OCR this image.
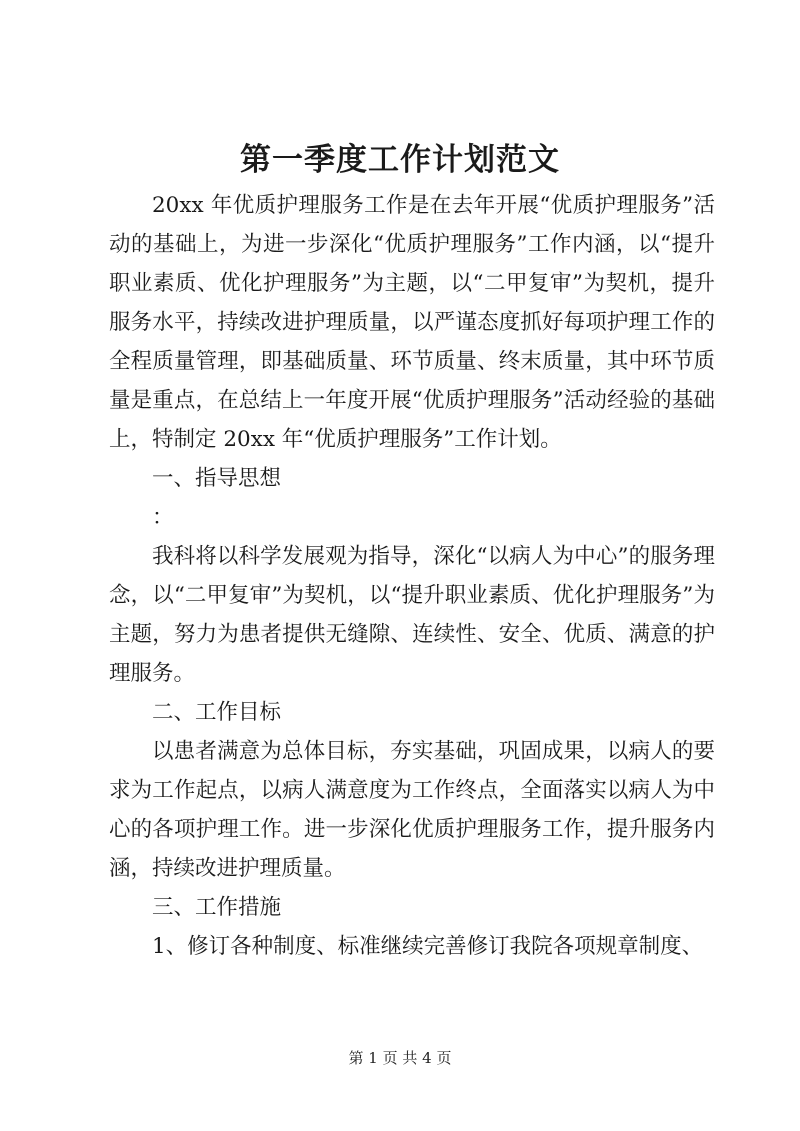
第一季度工作计划范文

20xx 年优质护理服务工作是在去年开展“优质护理服务”活动的基础上，为进一步深化“优质护理服务”工作内涵，以“提升职业素质、优化护理服务”为主题，以“二甲复审”为契机，提升服务水平，持续改进护理质量，以严谨态度抓好每项护理工作的全程质量管理，即基础质量、环节质量、终末质量，其中环节质量是重点，在总结上一年度开展“优质护理服务”活动经验的基础上，特制定 20xx 年“优质护理服务”工作计划。

一、指导思想

：

我科将以科学发展观为指导，深化“以病人为中心”的服务理念，以“二甲复审”为契机，以“提升职业素质、优化护理服务”为主题，努力为患者提供无缝隙、连续性、安全、优质、满意的护理服务。

二、工作目标

以患者满意为总体目标，夯实基础，巩固成果，以病人的要求为工作起点，以病人满意度为工作终点，全面落实以病人为中心的各项护理工作。进一步深化优质护理服务工作，提升服务内涵，持续改进护理质量。

三、工作措施

1、修订各种制度、标准继续完善修订我院各项规章制度、

第 1 页 共 4 页
